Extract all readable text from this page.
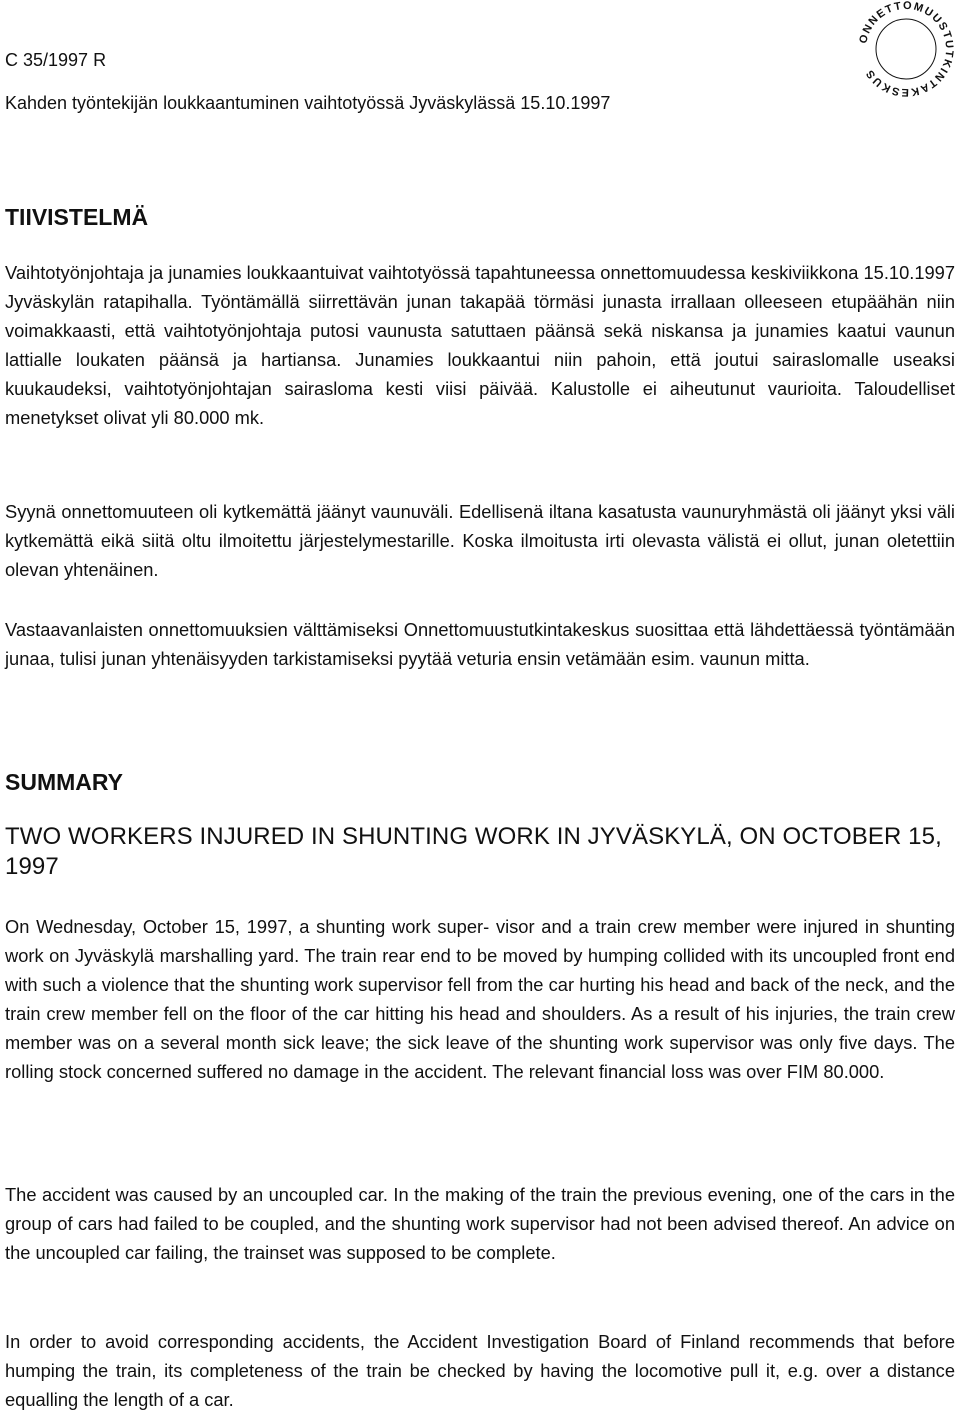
C 35/1997 R
Kahden työntekijän loukkaantuminen vaihtotyössä Jyväskylässä 15.10.1997
ONNETTOMUUSTUTKINTAKESKUS
TIIVISTELMÄ

Vaihtotyönjohtaja ja junamies loukkaantuivat vaihtotyössä tapahtuneessa onnettomuudessa keskiviikkona 15.10.1997 Jyväskylän ratapihalla. Työntämällä siirrettävän junan takapää törmäsi junasta irrallaan olleeseen etupäähän niin voimakkaasti, että vaihtotyönjohtaja putosi vaunusta satuttaen päänsä sekä niskansa ja junamies kaatui vaunun lattialle loukaten päänsä ja hartiansa. Junamies loukkaantui niin pahoin, että joutui sairaslomalle useaksi kuukaudeksi, vaihtotyönjohtajan sairasloma kesti viisi päivää. Kalustolle ei aiheutunut vaurioita. Taloudelliset menetykset olivat yli 80.000 mk.

Syynä onnettomuuteen oli kytkemättä jäänyt vaunuväli. Edellisenä iltana kasatusta vaunuryhmästä oli jäänyt yksi väli kytkemättä eikä siitä oltu ilmoitettu järjestelymestarille. Koska ilmoitusta irti olevasta välistä ei ollut, junan oletettiin olevan yhtenäinen.

Vastaavanlaisten onnettomuuksien välttämiseksi Onnettomuustutkintakeskus suosittaa että lähdettäessä työntämään junaa, tulisi junan yhtenäisyyden tarkistamiseksi pyytää veturia ensin vetämään esim. vaunun mitta.

SUMMARY
TWO WORKERS INJURED IN SHUNTING WORK IN JYVÄSKYLÄ, ON OCTOBER 15, 1997

On Wednesday, October 15, 1997, a shunting work super- visor and a train crew member were injured in shunting work on Jyväskylä marshalling yard. The train rear end to be moved by humping collided with its uncoupled front end with such a violence that the shunting work supervisor fell from the car hurting his head and back of the neck, and the train crew member fell on the floor of the car hitting his head and shoulders. As a result of his injuries, the train crew member was on a several month sick leave; the sick leave of the shunting work supervisor was only five days. The rolling stock concerned suffered no damage in the accident. The relevant financial loss was over FIM 80.000.

The accident was caused by an uncoupled car. In the making of the train the previous evening, one of the cars in the group of cars had failed to be coupled, and the shunting work supervisor had not been advised thereof. An advice on the uncoupled car failing, the trainset was supposed to be complete.

In order to avoid corresponding accidents, the Accident Investigation Board of Finland recommends that before humping the train, its completeness of the train be checked by having the locomotive pull it, e.g. over a distance equalling the length of a car.
